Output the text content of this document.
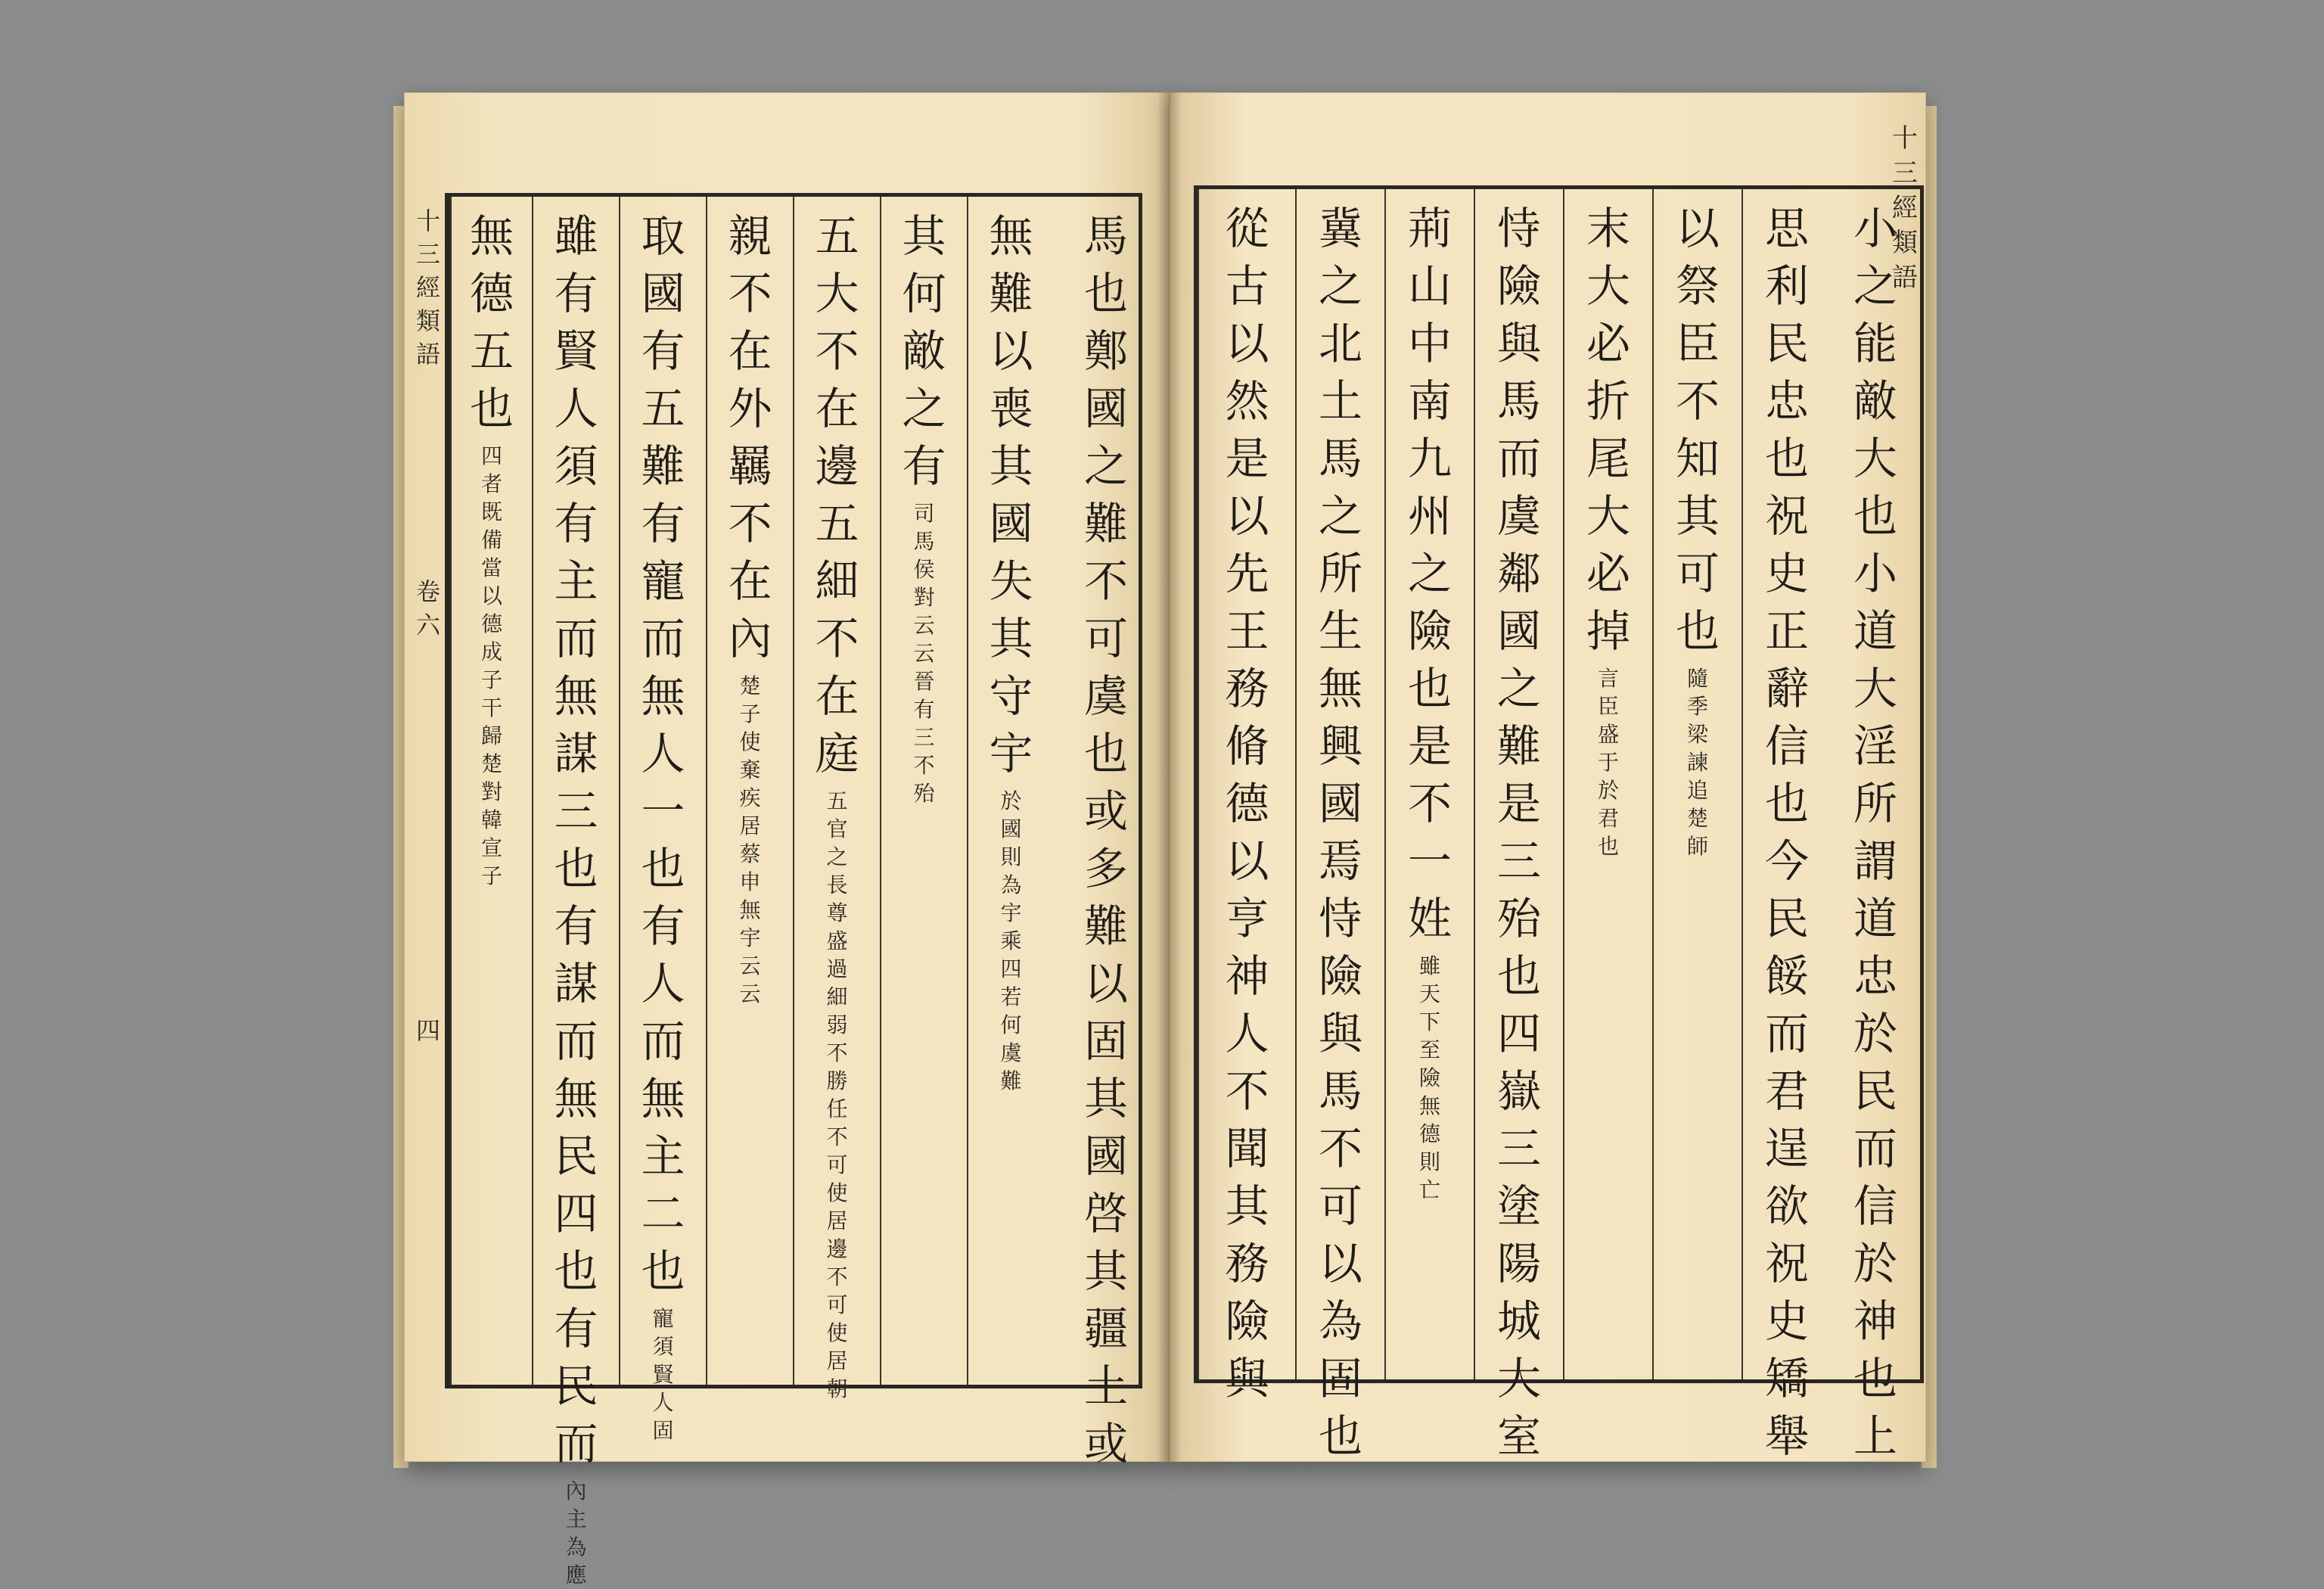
十三經類語
卷六
四
十三經類語
馬也鄭國之難不可虞也或多難以固其國啓其疆土或
無難以喪其國失其守宇
於國則為宇乘四若何虞難
其何敵之有
司馬侯對云云晉有三不殆
五大不在邊五細不在庭
五官之長尊盛過細弱不勝任不可使居邊不可使居朝
親不在外羈不在內
楚子使棄疾居蔡申無宇云云
取國有五難有寵而無人一也有人而無主二也
寵須賢人固
雖有賢人須有主而無謀三也有謀而無民四也有民而
內主為應
無德五也
四者既備當以德成子干歸楚對韓宣子
小之能敵大也小道大淫所謂道忠於民而信於神也上
思利民忠也祝史正辭信也今民餒而君逞欲祝史矯舉
以祭臣不知其可也
隨季梁諫追楚師
末大必折尾大必掉
言臣盛于於君也
恃險與馬而虞鄰國之難是三殆也四嶽三塗陽城大室
荊山中南九州之險也是不一姓
雖天下至險無德則亡
冀之北土馬之所生無興國焉恃險與馬不可以為固也
從古以然是以先王務脩德以亨神人不聞其務險與
